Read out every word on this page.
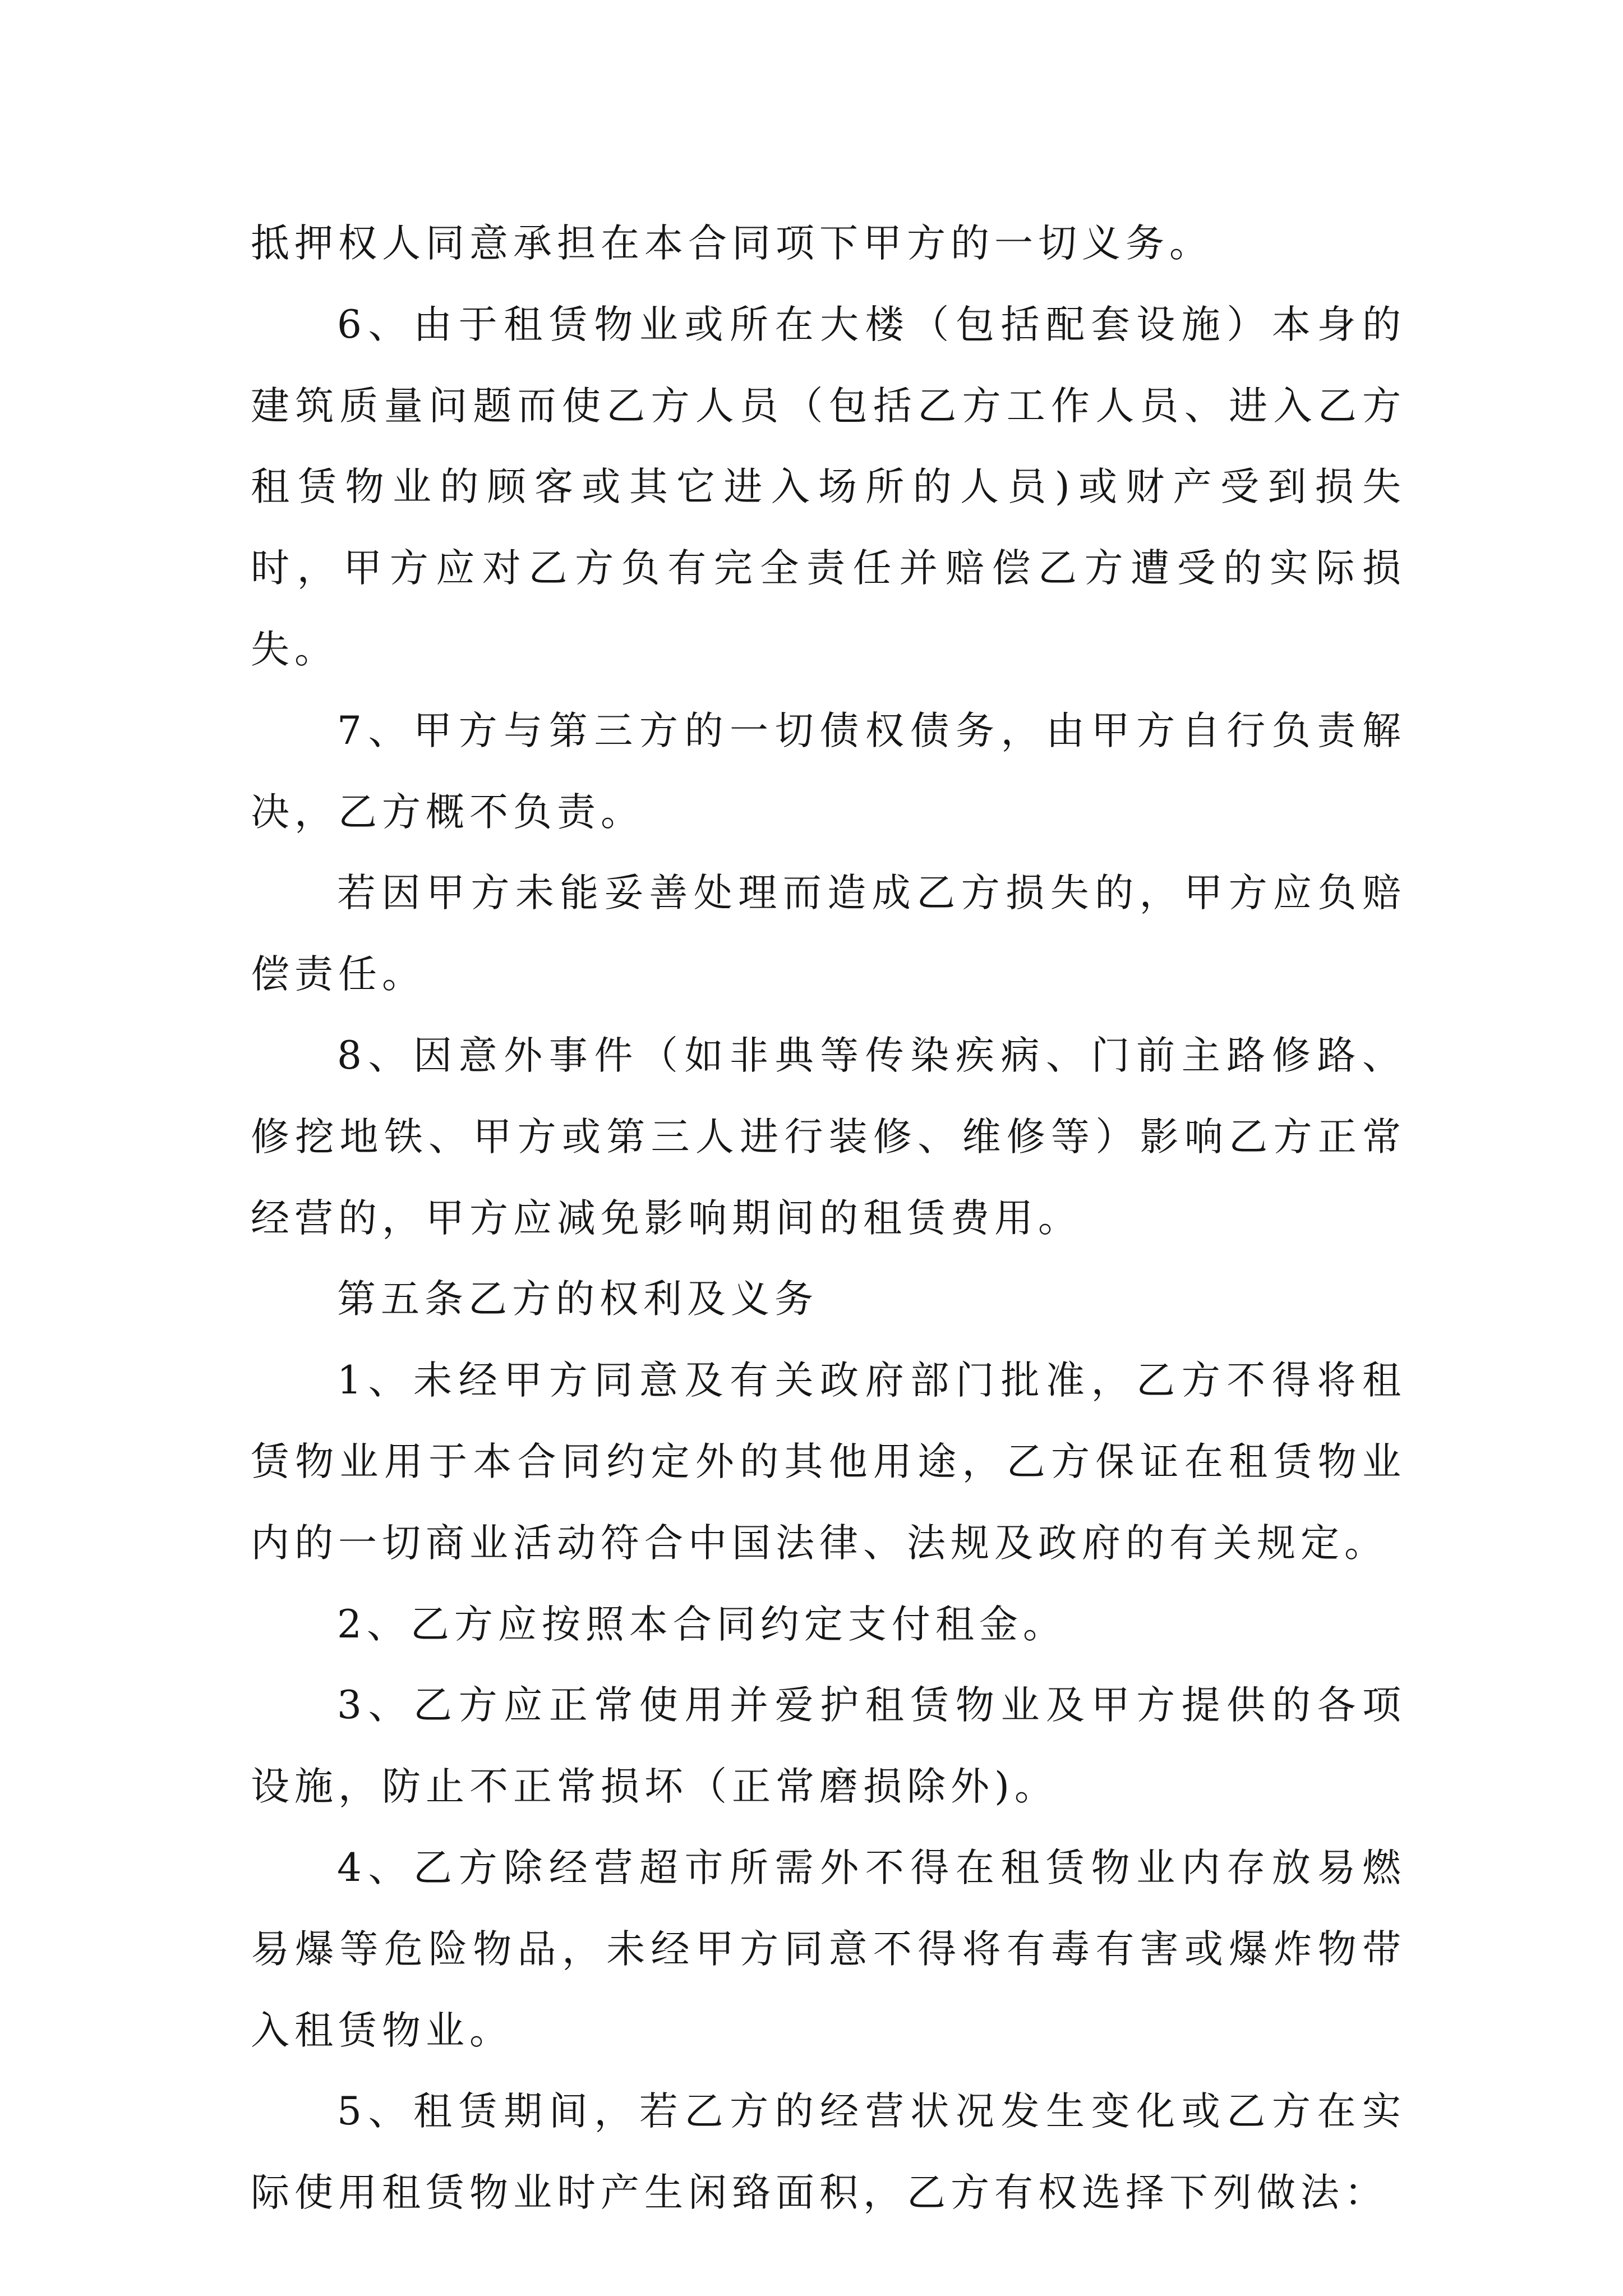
抵押权人同意承担在本合同项下甲方的一切义务。

6、由于租赁物业或所在大楼（包括配套设施）本身的建筑质量问题而使乙方人员（包括乙方工作人员、进入乙方租赁物业的顾客或其它进入场所的人员)或财产受到损失时，甲方应对乙方负有完全责任并赔偿乙方遭受的实际损失。

7、甲方与第三方的一切债权债务，由甲方自行负责解决，乙方概不负责。

若因甲方未能妥善处理而造成乙方损失的，甲方应负赔偿责任。

8、因意外事件（如非典等传染疾病、门前主路修路、修挖地铁、甲方或第三人进行装修、维修等）影响乙方正常经营的，甲方应减免影响期间的租赁费用。

第五条乙方的权利及义务

1、未经甲方同意及有关政府部门批准，乙方不得将租赁物业用于本合同约定外的其他用途，乙方保证在租赁物业内的一切商业活动符合中国法律、法规及政府的有关规定。

2、乙方应按照本合同约定支付租金。

3、乙方应正常使用并爱护租赁物业及甲方提供的各项设施，防止不正常损坏（正常磨损除外)。

4、乙方除经营超市所需外不得在租赁物业内存放易燃易爆等危险物品，未经甲方同意不得将有毒有害或爆炸物带入租赁物业。

5、租赁期间，若乙方的经营状况发生变化或乙方在实际使用租赁物业时产生闲臵面积，乙方有权选择下列做法：
